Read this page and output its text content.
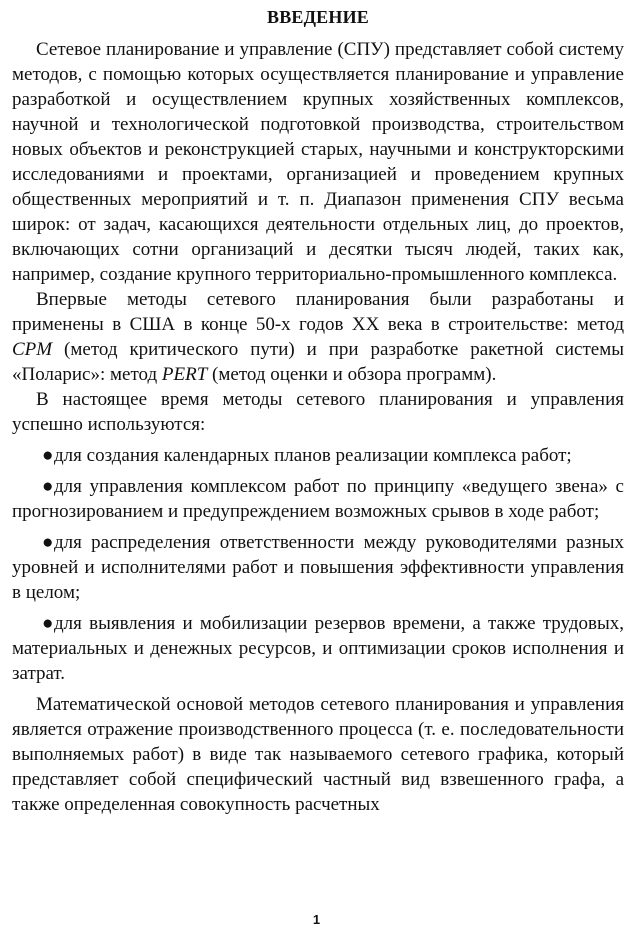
ВВЕДЕНИЕ

Сетевое планирование и управление (СПУ) представляет собой системy методов, с помощью которых осуществляется планирование и управление разработкой и осуществлением крупных хозяйственных комплексов, научной и технологической подготовкой производства, строительством новых объектов и реконструкцией старых, научными и конструкторскими исследованиями и проектами, организацией и проведением крупных общественных мероприятий и т. п. Диапазон применения СПУ весьма широк: от задач, касающихся деятельности отдельных лиц, до проектов, включающих сотни организаций и десятки тысяч людей, таких как, например, создание крупного территориально-промышленного комплекса.

Впервые методы сетевого планирования были разработаны и применены в США в конце 50-х годов XX века в строительстве: метод CPM (метод критического пути) и при разработке ракетной системы «Поларис»: метод PERT (метод оценки и обзора программ).

В настоящее время методы сетевого планирования и управления успешно используются:

●для создания календарных планов реализации комплекса работ;
●для управления комплексом работ по принципу «ведущего звена» с прогнозированием и предупреждением возможных срывов в ходе работ;
●для распределения ответственности между руководителями разных уровней и исполнителями работ и повышения эффективности управления в целом;
●для выявления и мобилизации резервов времени, а также трудовых, материальных и денежных ресурсов, и оптимизации сроков исполнения и затрат.

Математической основой методов сетевого планирования и управления является отражение производственного процесса (т. е. последовательности выполняемых работ) в виде так называемого сетевого графика, который представляет собой специфический частный вид взвешенного графа, а также определенная совокупность расчетных

1
